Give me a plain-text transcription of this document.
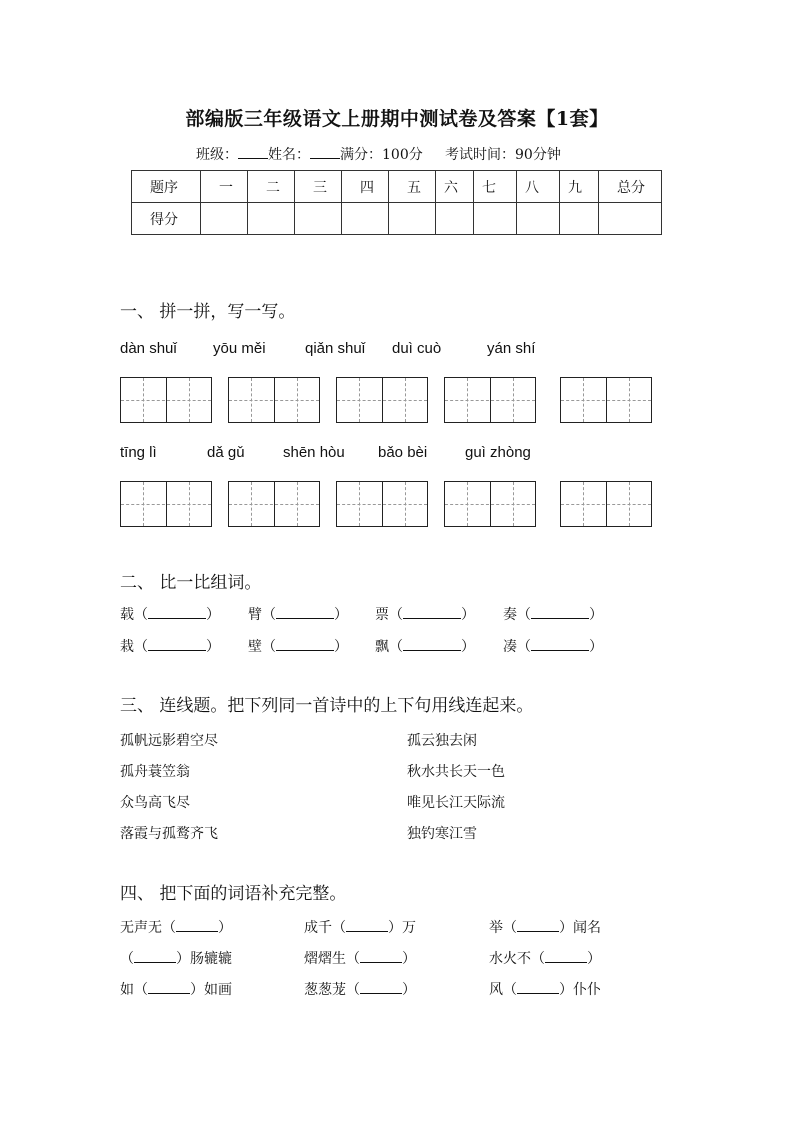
部编版三年级语文上册期中测试卷及答案【1套】
班级： 姓名： 满分：100分 考试时间：90分钟
题序	一	二	三	四	五	六	七	八	九	总分
得分										
一、 拼一拼，写一写。
dàn shuǐ yōu měi	qiǎn shuǐ duì cuò	yán shí
tīng lì	dǎ gǔ	shēn hòu bǎo bèi	guì zhòng
二、 比一比组词。
载（	） 臂（	） 票（	） 奏（	）
栽（	） 壁（	） 飘（	） 凑（	）
三、 连线题。把下列同一首诗中的上下句用线连起来。
孤帆远影碧空尽
孤舟蓑笠翁
众鸟高飞尽
落霞与孤鹜齐飞
孤云独去闲
秋水共长天一色
唯见长江天际流
独钓寒江雪
四、 把下面的词语补充完整。
无声无（	）	成千（	）万	举（	）闻名
（	）肠辘辘	熠熠生（	）	水火不（	）
如（	）如画	葱葱茏（	）	风（	）仆仆
